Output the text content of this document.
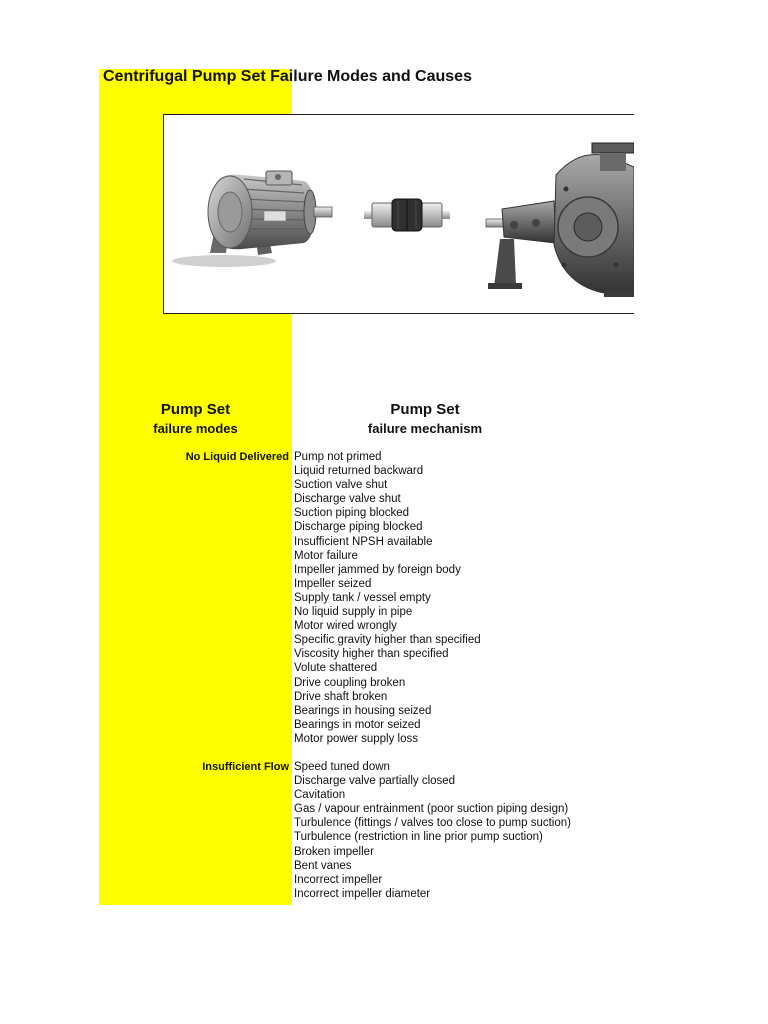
Centrifugal Pump Set Failure Modes and Causes
Pump Set
failure modes
Pump Set
failure mechanism
No Liquid Delivered Pump not primed
Liquid returned backward
Suction valve shut
Discharge valve shut
Suction piping blocked
Discharge piping blocked
Insufficient NPSH available
Motor failure
Impeller jammed by foreign body
Impeller seized
Supply tank / vessel empty
No liquid supply in pipe
Motor wired wrongly
Specific gravity higher than specified
Viscosity higher than specified
Volute shattered
Drive coupling broken
Drive shaft broken
Bearings in housing seized
Bearings in motor seized
Motor power supply loss
Insufficient Flow Speed tuned down
Discharge valve partially closed
Cavitation
Gas / vapour entrainment (poor suction piping design)
Turbulence (fittings / valves too close to pump suction)
Turbulence (restriction in line prior pump suction)
Broken impeller
Bent vanes
Incorrect impeller
Incorrect impeller diameter
